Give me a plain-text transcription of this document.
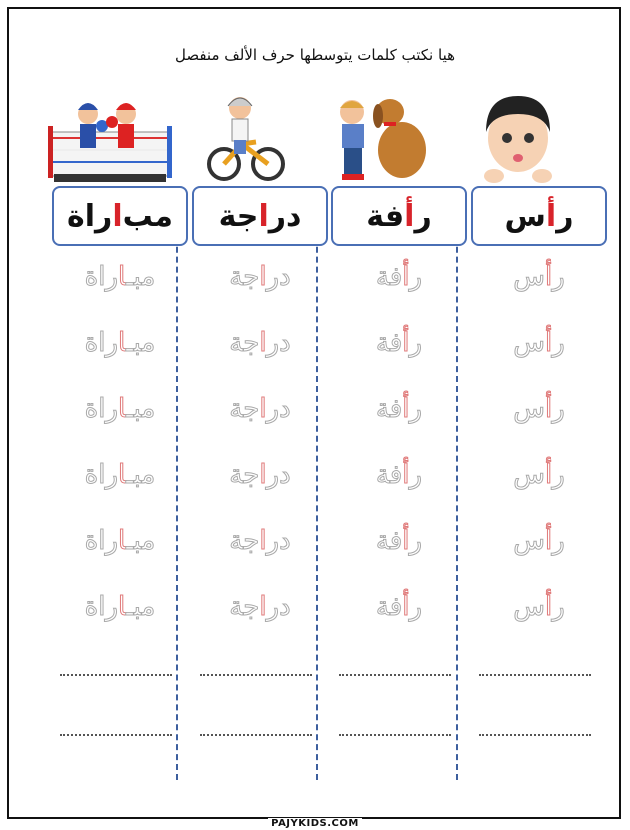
هيا نكتب كلمات يتوسطها حرف الألف منفصل
مب
ا
راة
مبـاراة
مبـاراة
مبـاراة
مبـاراة
مبـاراة
مبـاراة
در
ا
جة
دراجة
دراجة
دراجة
دراجة
دراجة
دراجة
ر
أ
فة
رأفة
رأفة
رأفة
رأفة
رأفة
رأفة
ر
أ
س
رأس
رأس
رأس
رأس
رأس
رأس
PAJYKIDS.COM
